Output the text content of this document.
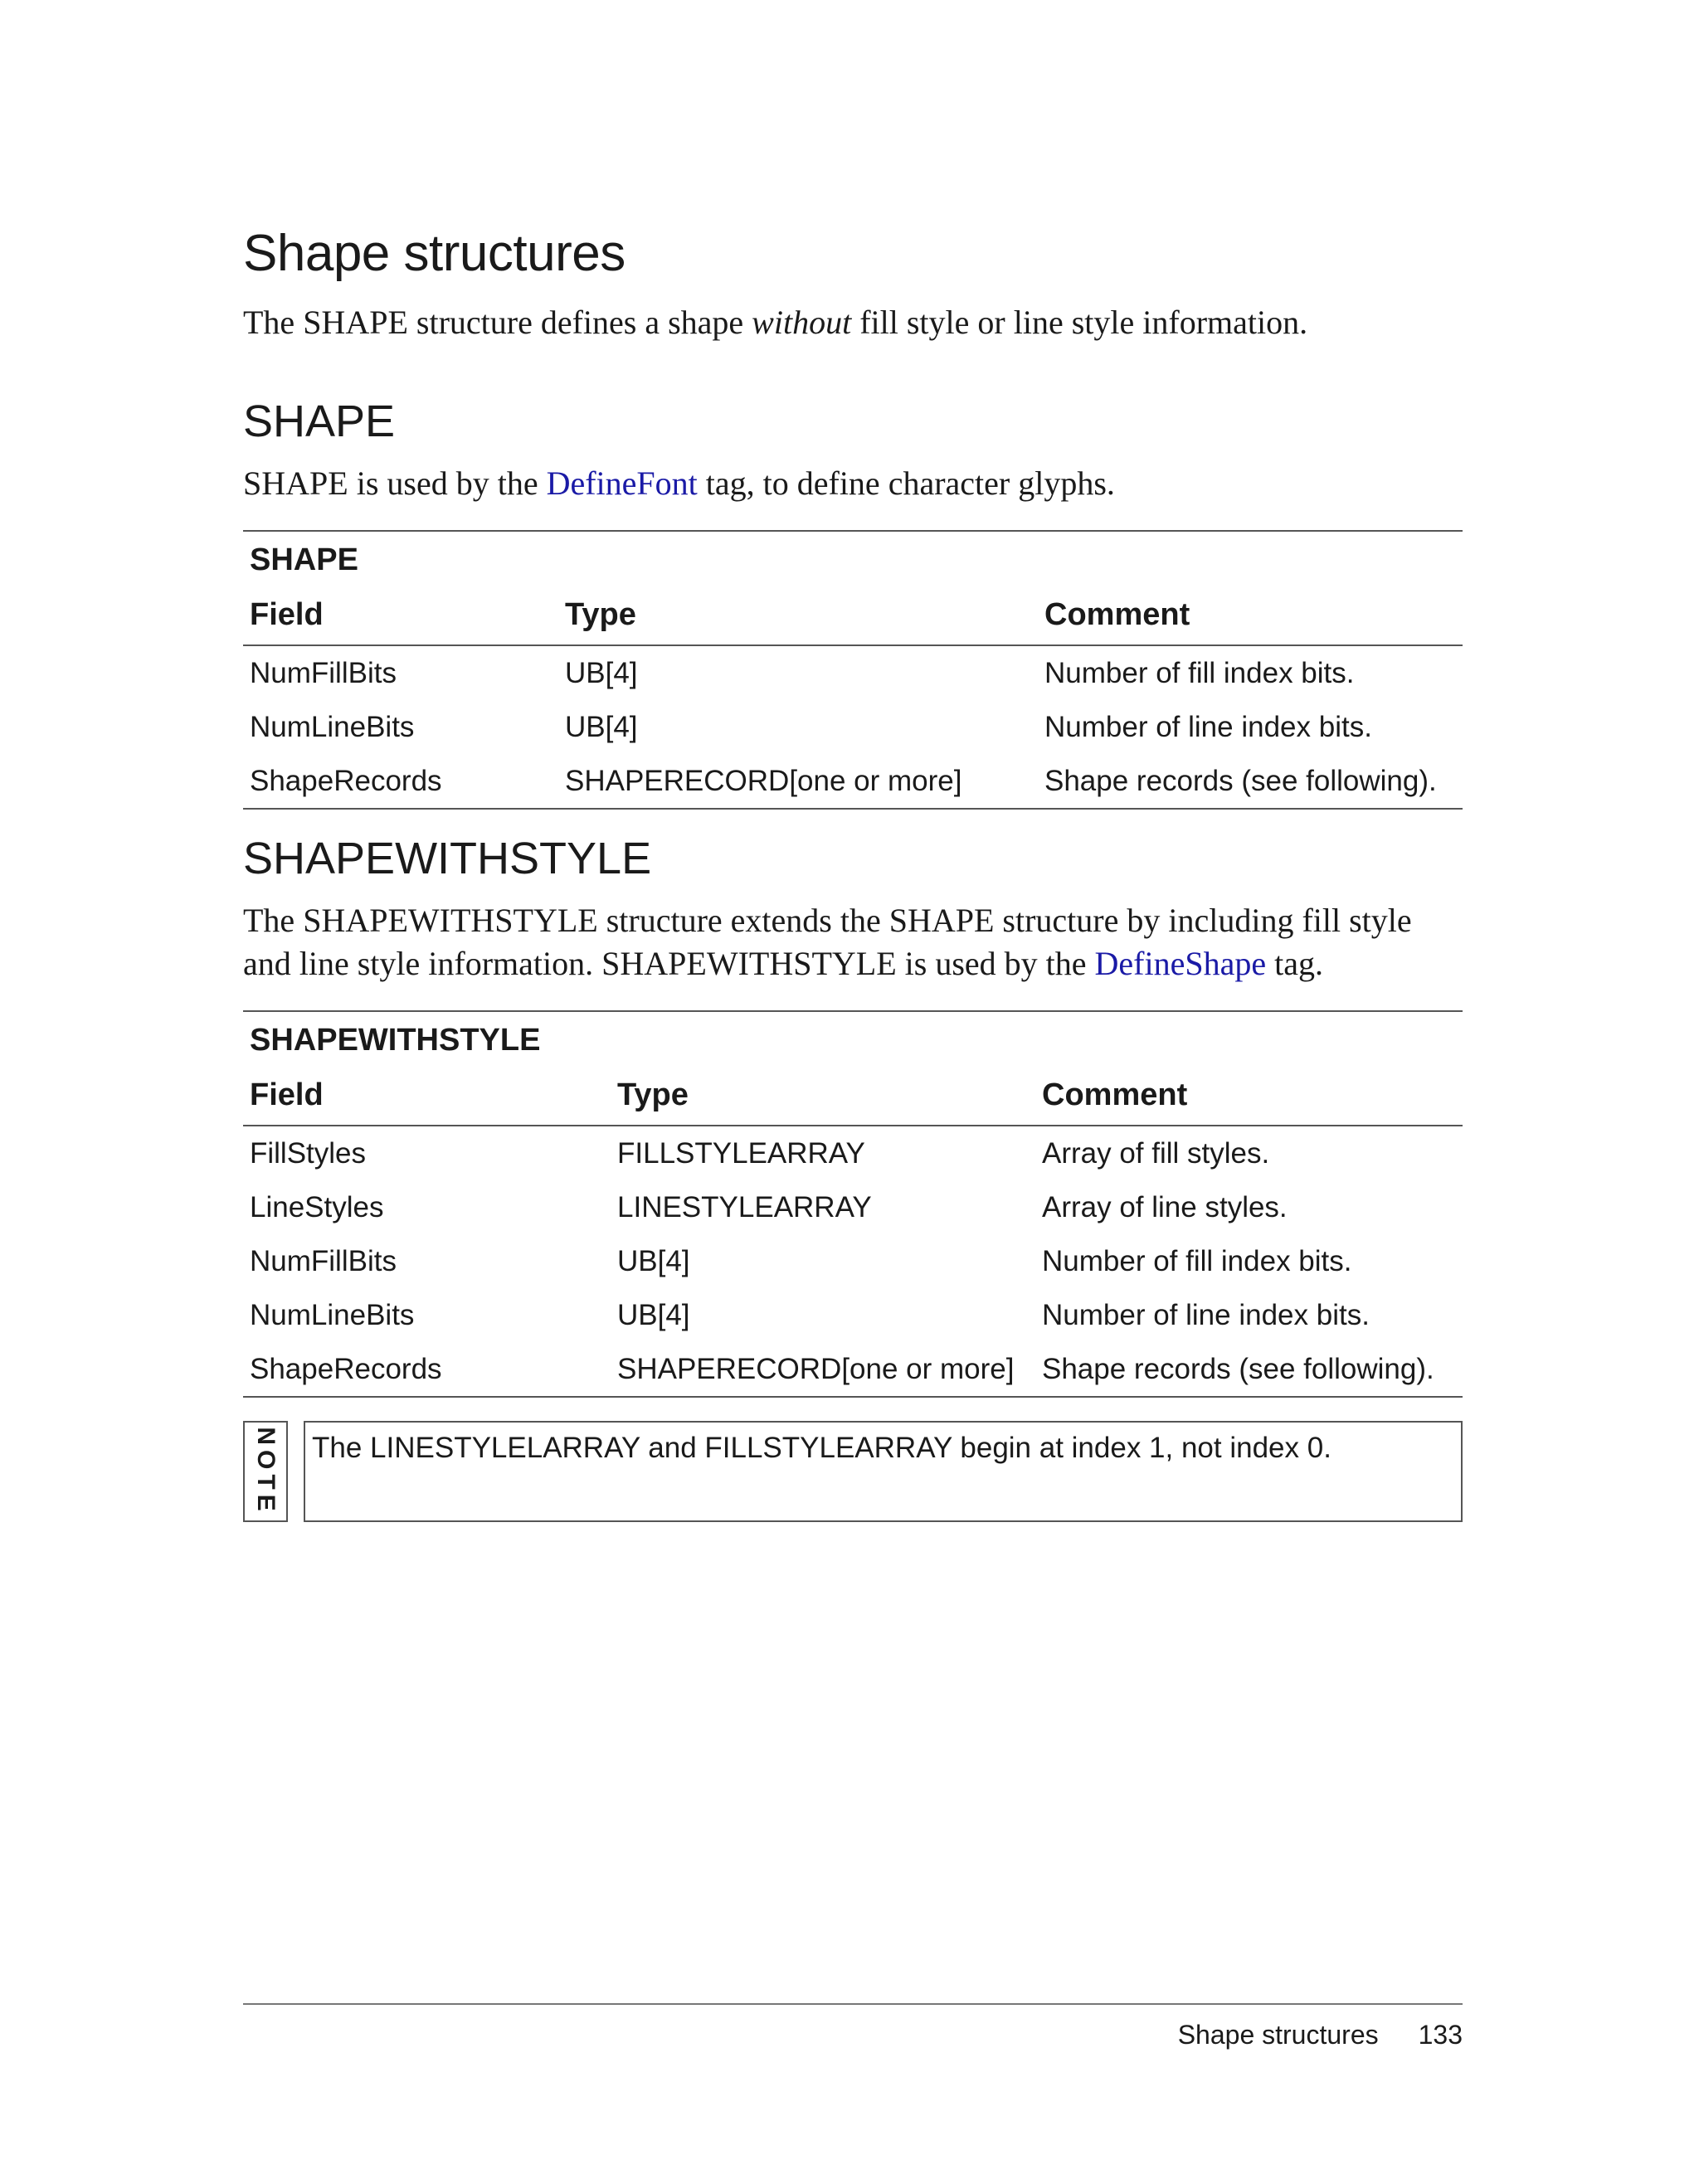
Shape structures

The SHAPE structure defines a shape without fill style or line style information.

SHAPE

SHAPE is used by the DefineFont tag, to define character glyphs.

SHAPE		
Field	Type	Comment
NumFillBits	UB[4]	Number of fill index bits.
NumLineBits	UB[4]	Number of line index bits.
ShapeRecords	SHAPERECORD[one or more]	Shape records (see following).
SHAPEWITHSTYLE

The SHAPEWITHSTYLE structure extends the SHAPE structure by including fill style and line style information. SHAPEWITHSTYLE is used by the DefineShape tag.

SHAPEWITHSTYLE		
Field	Type	Comment
FillStyles	FILLSTYLEARRAY	Array of fill styles.
LineStyles	LINESTYLEARRAY	Array of line styles.
NumFillBits	UB[4]	Number of fill index bits.
NumLineBits	UB[4]	Number of line index bits.
ShapeRecords	SHAPERECORD[one or more]	Shape records (see following).
NOTE The LINESTYLELARRAY and FILLSTYLEARRAY begin at index 1, not index 0.
Shape structures 133
